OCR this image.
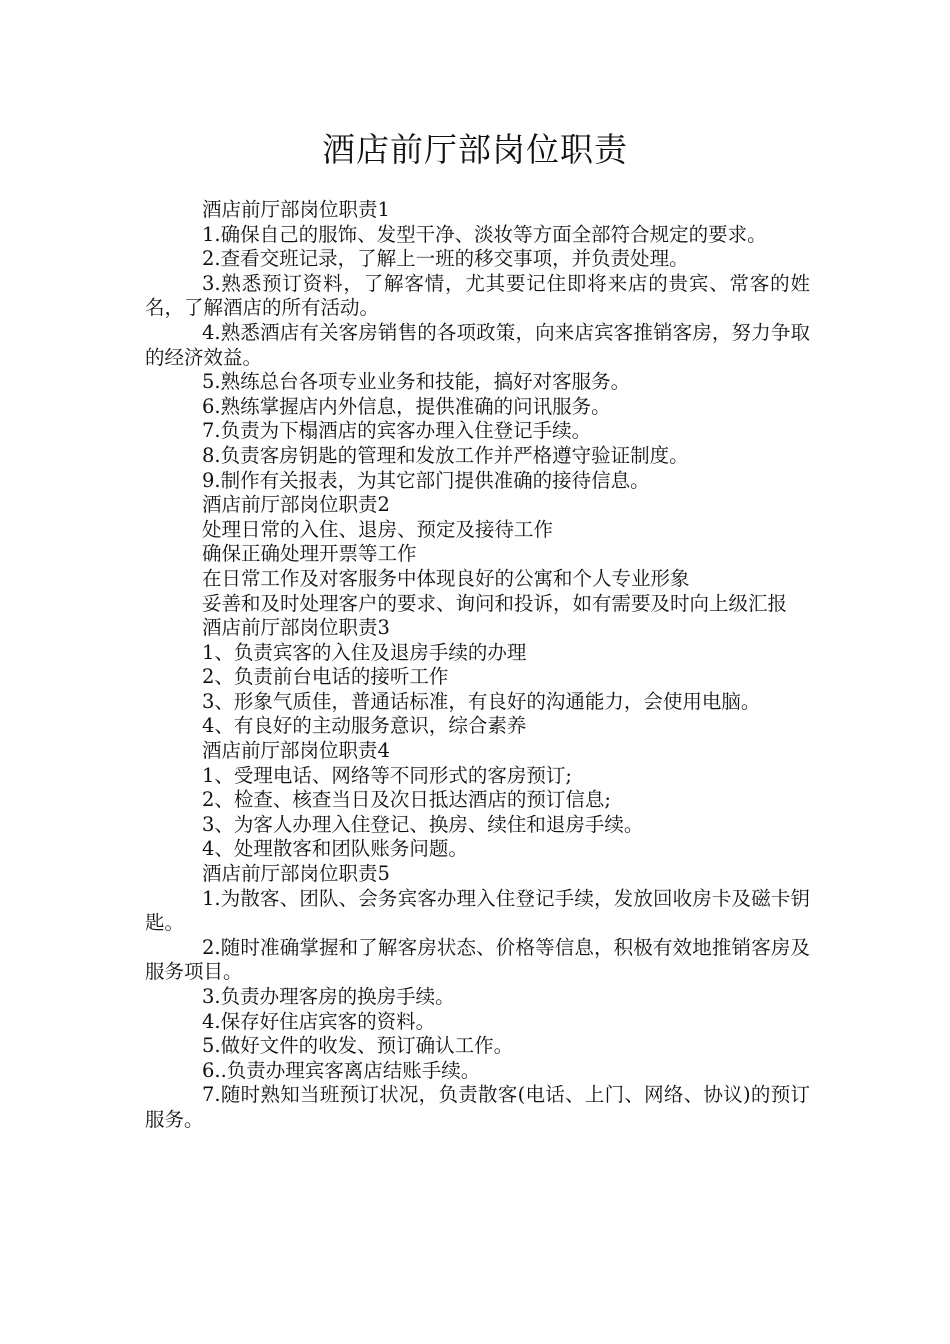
酒店前厅部岗位职责

酒店前厅部岗位职责1

1.确保自己的服饰、发型干净、淡妆等方面全部符合规定的要求。

2.查看交班记录，了解上一班的移交事项，并负责处理。

3.熟悉预订资料，了解客情，尤其要记住即将来店的贵宾、常客的姓名，了解酒店的所有活动。

4.熟悉酒店有关客房销售的各项政策，向来店宾客推销客房，努力争取的经济效益。

5.熟练总台各项专业业务和技能，搞好对客服务。

6.熟练掌握店内外信息，提供准确的问讯服务。

7.负责为下榻酒店的宾客办理入住登记手续。

8.负责客房钥匙的管理和发放工作并严格遵守验证制度。

9.制作有关报表，为其它部门提供准确的接待信息。

酒店前厅部岗位职责2

处理日常的入住、退房、预定及接待工作

确保正确处理开票等工作

在日常工作及对客服务中体现良好的公寓和个人专业形象

妥善和及时处理客户的要求、询问和投诉，如有需要及时向上级汇报

酒店前厅部岗位职责3

1、负责宾客的入住及退房手续的办理

2、负责前台电话的接听工作

3、形象气质佳，普通话标准，有良好的沟通能力，会使用电脑。

4、有良好的主动服务意识，综合素养

酒店前厅部岗位职责4

1、受理电话、网络等不同形式的客房预订;

2、检查、核查当日及次日抵达酒店的预订信息;

3、为客人办理入住登记、换房、续住和退房手续。

4、处理散客和团队账务问题。

酒店前厅部岗位职责5

1.为散客、团队、会务宾客办理入住登记手续，发放回收房卡及磁卡钥匙。

2.随时准确掌握和了解客房状态、价格等信息，积极有效地推销客房及服务项目。

3.负责办理客房的换房手续。

4.保存好住店宾客的资料。

5.做好文件的收发、预订确认工作。

6..负责办理宾客离店结账手续。

7.随时熟知当班预订状况，负责散客(电话、上门、网络、协议)的预订服务。
